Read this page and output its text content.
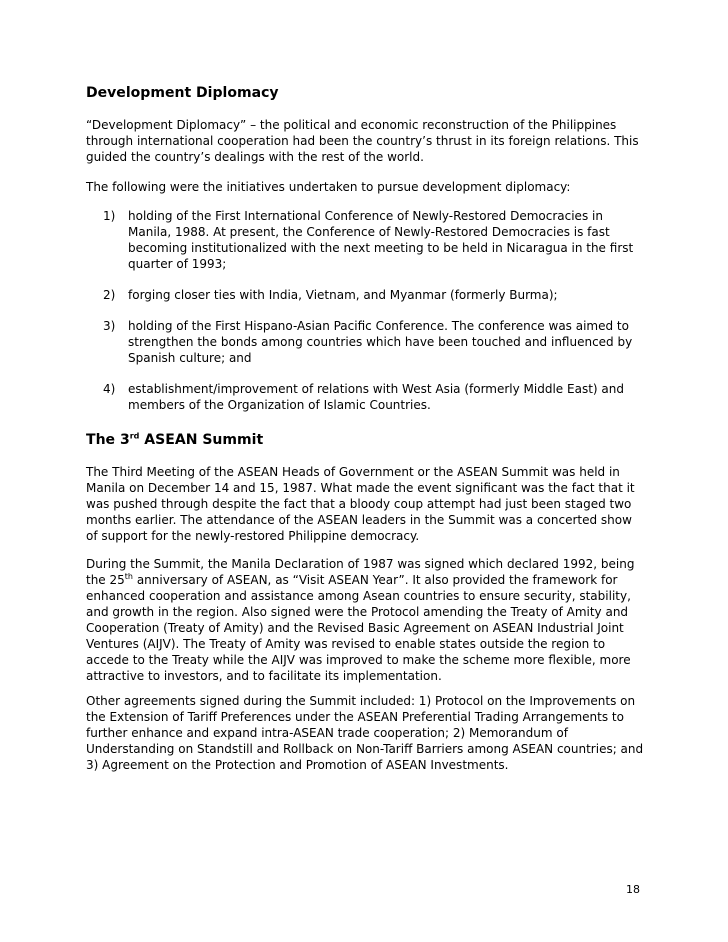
Development Diplomacy

“Development Diplomacy” – the political and economic reconstruction of the Philippines through international cooperation had been the country’s thrust in its foreign relations. This guided the country’s dealings with the rest of the world.

The following were the initiatives undertaken to pursue development diplomacy:

1) holding of the First International Conference of Newly-Restored Democracies in Manila, 1988. At present, the Conference of Newly-Restored Democracies is fast becoming institutionalized with the next meeting to be held in Nicaragua in the first quarter of 1993;
2) forging closer ties with India, Vietnam, and Myanmar (formerly Burma);
3) holding of the First Hispano-Asian Pacific Conference. The conference was aimed to strengthen the bonds among countries which have been touched and influenced by Spanish culture; and
4) establishment/improvement of relations with West Asia (formerly Middle East) and members of the Organization of Islamic Countries.
The 3rd ASEAN Summit

The Third Meeting of the ASEAN Heads of Government or the ASEAN Summit was held in Manila on December 14 and 15, 1987. What made the event significant was the fact that it was pushed through despite the fact that a bloody coup attempt had just been staged two months earlier. The attendance of the ASEAN leaders in the Summit was a concerted show of support for the newly-restored Philippine democracy.

During the Summit, the Manila Declaration of 1987 was signed which declared 1992, being the 25th anniversary of ASEAN, as “Visit ASEAN Year”. It also provided the framework for enhanced cooperation and assistance among Asean countries to ensure security, stability, and growth in the region. Also signed were the Protocol amending the Treaty of Amity and Cooperation (Treaty of Amity) and the Revised Basic Agreement on ASEAN Industrial Joint Ventures (AIJV). The Treaty of Amity was revised to enable states outside the region to accede to the Treaty while the AIJV was improved to make the scheme more flexible, more attractive to investors, and to facilitate its implementation.

Other agreements signed during the Summit included: 1) Protocol on the Improvements on the Extension of Tariff Preferences under the ASEAN Preferential Trading Arrangements to further enhance and expand intra-ASEAN trade cooperation; 2) Memorandum of Understanding on Standstill and Rollback on Non-Tariff Barriers among ASEAN countries; and 3) Agreement on the Protection and Promotion of ASEAN Investments.

18
